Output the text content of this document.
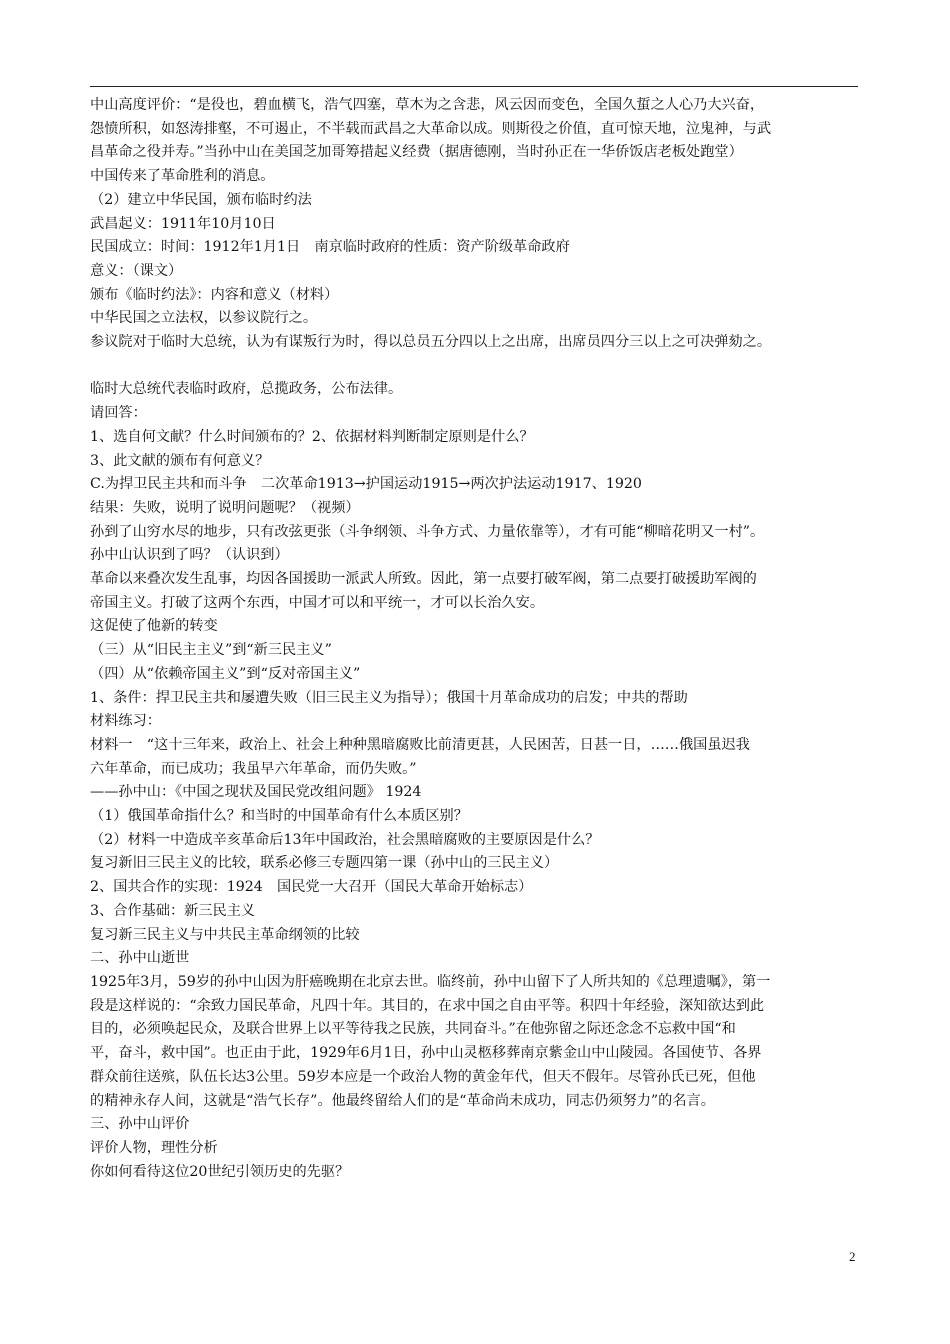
中山高度评价：“是役也，碧血横飞，浩气四塞，草木为之含悲，风云因而变色，全国久蜇之人心乃大兴奋，
怨愤所积，如怒涛排壑，不可遏止，不半载而武昌之大革命以成。则斯役之价值，直可惊天地，泣鬼神，与武
昌革命之役并寿。”当孙中山在美国芝加哥筹措起义经费（据唐德刚，当时孙正在一华侨饭店老板处跑堂）
中国传来了革命胜利的消息。
（2）建立中华民国，颁布临时约法
武昌起义：1911年10月10日
民国成立：时间：1912年1月1日　南京临时政府的性质：资产阶级革命政府
意义：（课文）
颁布《临时约法》：内容和意义（材料）
中华民国之立法权，以参议院行之。
参议院对于临时大总统，认为有谋叛行为时，得以总员五分四以上之出席，出席员四分三以上之可决弹劾之。
临时大总统代表临时政府，总揽政务，公布法律。
请回答：
1、选自何文献？什么时间颁布的？2、依据材料判断制定原则是什么？
3、此文献的颁布有何意义？
C.为捍卫民主共和而斗争　二次革命1913→护国运动1915→两次护法运动1917、1920
结果：失败，说明了说明问题呢？（视频）
孙到了山穷水尽的地步，只有改弦更张（斗争纲领、斗争方式、力量依靠等），才有可能“柳暗花明又一村”。
孙中山认识到了吗？（认识到）
革命以来叠次发生乱事，均因各国援助一派武人所致。因此，第一点要打破军阀，第二点要打破援助军阀的
帝国主义。打破了这两个东西，中国才可以和平统一，才可以长治久安。
这促使了他新的转变
（三）从“旧民主主义”到“新三民主义”
（四）从“依赖帝国主义”到“反对帝国主义”
1、条件：捍卫民主共和屡遭失败（旧三民主义为指导）；俄国十月革命成功的启发；中共的帮助
材料练习：
材料一　“这十三年来，政治上、社会上种种黑暗腐败比前清更甚，人民困苦，日甚一日，……俄国虽迟我
六年革命，而已成功；我虽早六年革命，而仍失败。”
——孙中山：《中国之现状及国民党改组问题》 1924
（1）俄国革命指什么？和当时的中国革命有什么本质区别？
（2）材料一中造成辛亥革命后13年中国政治，社会黑暗腐败的主要原因是什么？
复习新旧三民主义的比较，联系必修三专题四第一课（孙中山的三民主义）
2、国共合作的实现：1924　国民党一大召开（国民大革命开始标志）
3、合作基础：新三民主义
复习新三民主义与中共民主革命纲领的比较
二、孙中山逝世
1925年3月，59岁的孙中山因为肝癌晚期在北京去世。临终前，孙中山留下了人所共知的《总理遗嘱》，第一
段是这样说的：“余致力国民革命，凡四十年。其目的，在求中国之自由平等。积四十年经验，深知欲达到此
目的，必须唤起民众，及联合世界上以平等待我之民族，共同奋斗。”在他弥留之际还念念不忘救中国“和
平，奋斗，救中国”。也正由于此，1929年6月1日，孙中山灵柩移葬南京紫金山中山陵园。各国使节、各界
群众前往送殡，队伍长达3公里。59岁本应是一个政治人物的黄金年代，但天不假年。尽管孙氏已死，但他
的精神永存人间，这就是“浩气长存”。他最终留给人们的是“革命尚未成功，同志仍须努力”的名言。
三、孙中山评价
评价人物，理性分析
你如何看待这位20世纪引领历史的先驱？
2
